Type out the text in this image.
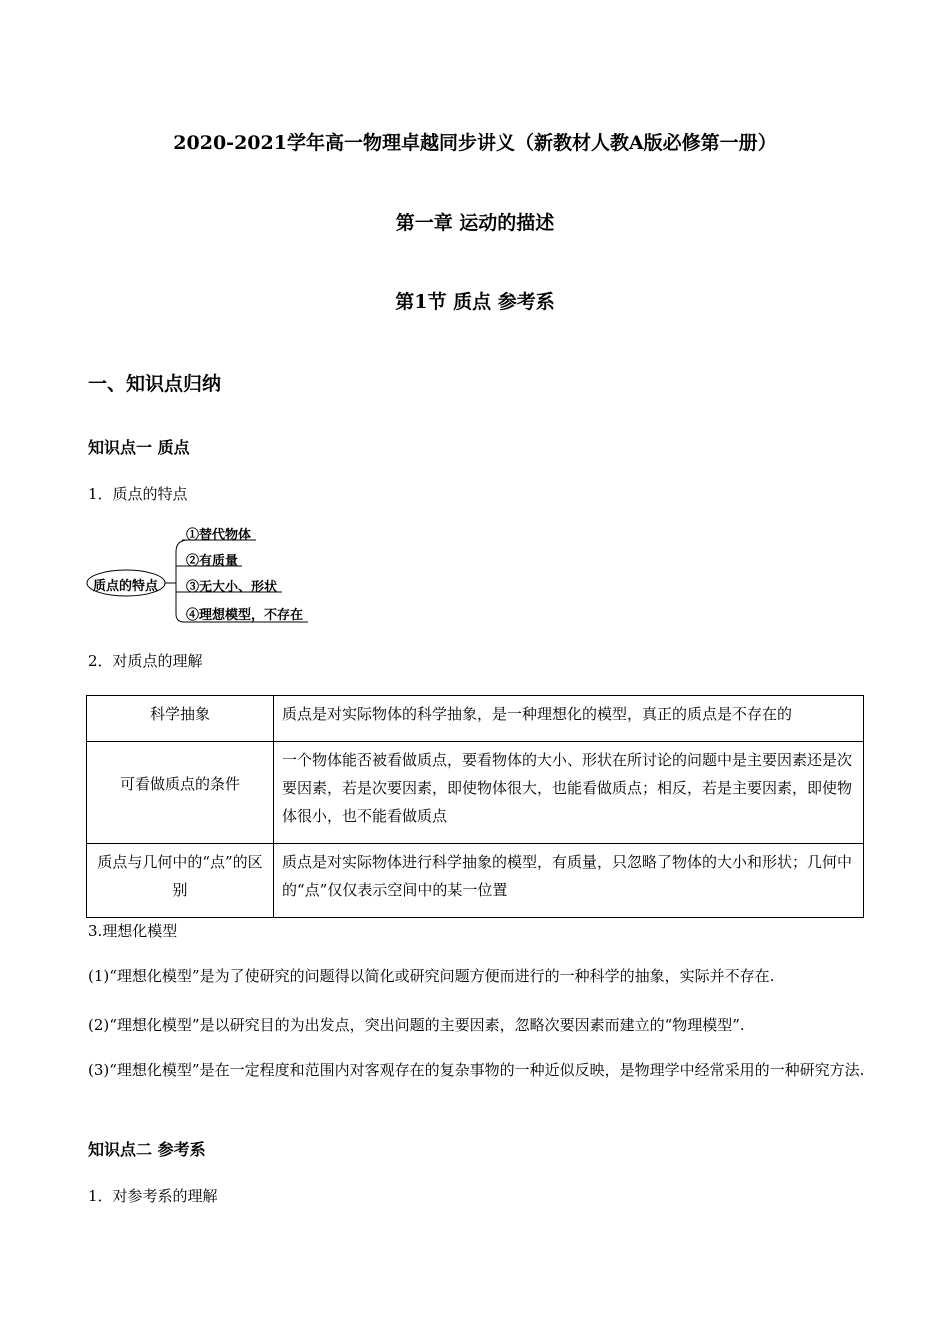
2020-2021学年高一物理卓越同步讲义（新教材人教A版必修第一册）
第一章 运动的描述
第1节 质点 参考系
一、知识点归纳
知识点一 质点
1．质点的特点
质点的特点
①替代物体
②有质量
③无大小、形状
④理想模型，不存在
2．对质点的理解
科学抽象	质点是对实际物体的科学抽象，是一种理想化的模型，真正的质点是不存在的
可看做质点的条件	一个物体能否被看做质点，要看物体的大小、形状在所讨论的问题中是主要因素还是次要因素，若是次要因素，即使物体很大，也能看做质点；相反，若是主要因素，即使物体很小，也不能看做质点
质点与几何中的“点”的区别	质点是对实际物体进行科学抽象的模型，有质量，只忽略了物体的大小和形状；几何中的“点”仅仅表示空间中的某一位置
3.理想化模型
(1)“理想化模型”是为了使研究的问题得以简化或研究问题方便而进行的一种科学的抽象，实际并不存在.
(2)“理想化模型”是以研究目的为出发点，突出问题的主要因素，忽略次要因素而建立的“物理模型”.
(3)“理想化模型”是在一定程度和范围内对客观存在的复杂事物的一种近似反映，是物理学中经常采用的一种研究方法.
知识点二 参考系
1．对参考系的理解
